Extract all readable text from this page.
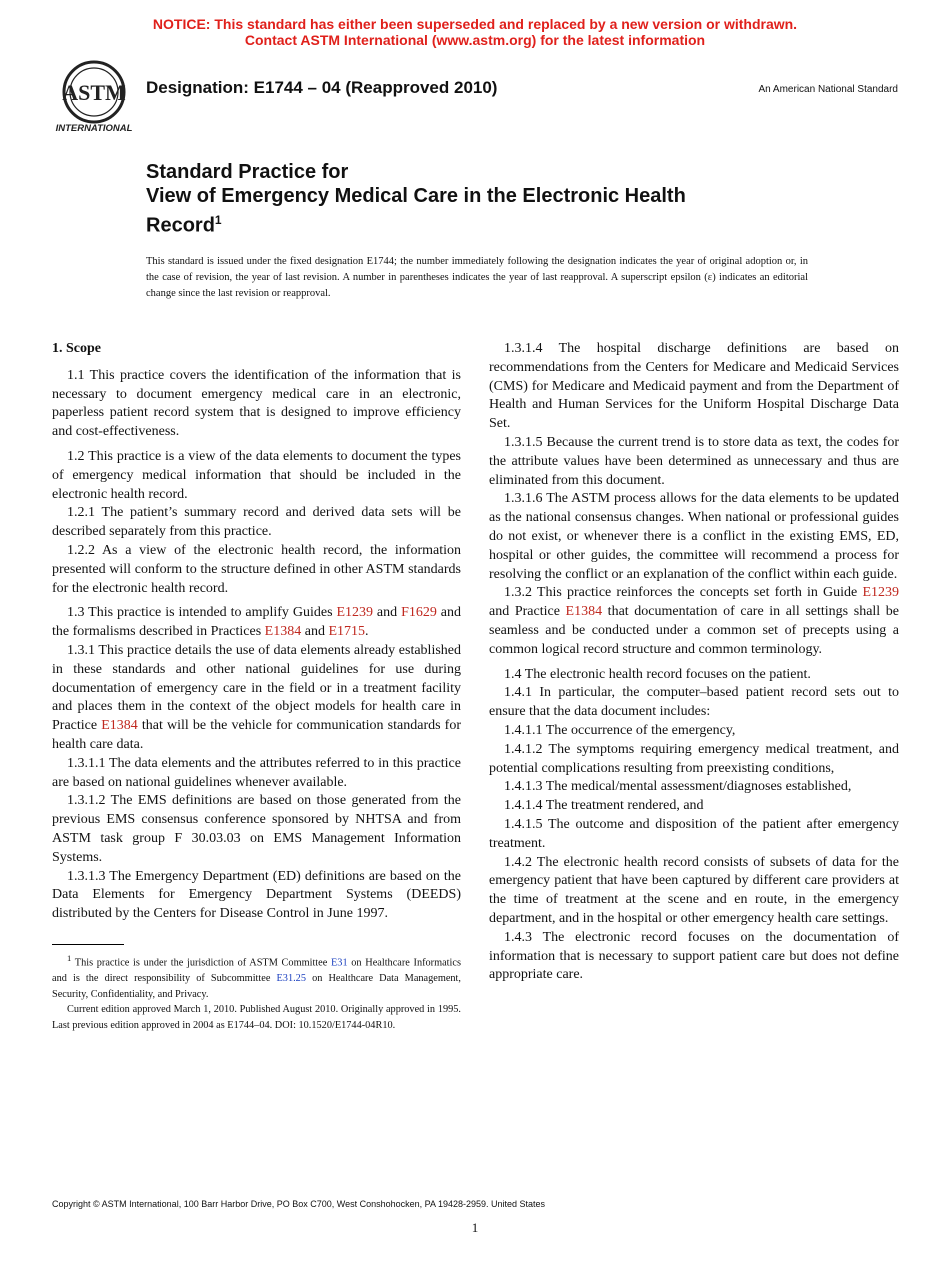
NOTICE: This standard has either been superseded and replaced by a new version or withdrawn.
Contact ASTM International (www.astm.org) for the latest information
ASTM
INTERNATIONAL
Designation: E1744 – 04 (Reapproved 2010)	An American National Standard
Standard Practice for
View of Emergency Medical Care in the Electronic Health
Record$^1$
This standard is issued under the fixed designation E1744; the number immediately following the designation indicates the year of original adoption or, in the case of revision, the year of last revision. A number in parentheses indicates the year of last reapproval. A superscript epsilon (ε) indicates an editorial change since the last revision or reapproval.
1. Scope

1.1 This practice covers the identification of the information that is necessary to document emergency medical care in an electronic, paperless patient record system that is designed to improve efficiency and cost-effectiveness.

1.2 This practice is a view of the data elements to document the types of emergency medical information that should be included in the electronic health record.

1.2.1 The patient’s summary record and derived data sets will be described separately from this practice.

1.2.2 As a view of the electronic health record, the information presented will conform to the structure defined in other ASTM standards for the electronic health record.

1.3 This practice is intended to amplify Guides E1239 and F1629 and the formalisms described in Practices E1384 and E1715.

1.3.1 This practice details the use of data elements already established in these standards and other national guidelines for use during documentation of emergency care in the field or in a treatment facility and places them in the context of the object models for health care in Practice E1384 that will be the vehicle for communication standards for health care data.

1.3.1.1 The data elements and the attributes referred to in this practice are based on national guidelines whenever available.

1.3.1.2 The EMS definitions are based on those generated from the previous EMS consensus conference sponsored by NHTSA and from ASTM task group F 30.03.03 on EMS Management Information Systems.

1.3.1.3 The Emergency Department (ED) definitions are based on the Data Elements for Emergency Department Systems (DEEDS) distributed by the Centers for Disease Control in June 1997.

$^1$ This practice is under the jurisdiction of ASTM Committee E31 on Healthcare Informatics and is the direct responsibility of Subcommittee E31.25 on Healthcare Data Management, Security, Confidentiality, and Privacy.

Current edition approved March 1, 2010. Published August 2010. Originally approved in 1995. Last previous edition approved in 2004 as E1744–04. DOI: 10.1520/E1744-04R10.

1.3.1.4 The hospital discharge definitions are based on recommendations from the Centers for Medicare and Medicaid Services (CMS) for Medicare and Medicaid payment and from the Department of Health and Human Services for the Uniform Hospital Discharge Data Set.

1.3.1.5 Because the current trend is to store data as text, the codes for the attribute values have been determined as unnecessary and thus are eliminated from this document.

1.3.1.6 The ASTM process allows for the data elements to be updated as the national consensus changes. When national or professional guides do not exist, or whenever there is a conflict in the existing EMS, ED, hospital or other guides, the committee will recommend a process for resolving the conflict or an explanation of the conflict within each guide.

1.3.2 This practice reinforces the concepts set forth in Guide E1239 and Practice E1384 that documentation of care in all settings shall be seamless and be conducted under a common set of precepts using a common logical record structure and common terminology.

1.4 The electronic health record focuses on the patient.

1.4.1 In particular, the computer–based patient record sets out to ensure that the data document includes:

1.4.1.1 The occurrence of the emergency,

1.4.1.2 The symptoms requiring emergency medical treatment, and potential complications resulting from preexisting conditions,

1.4.1.3 The medical/mental assessment/diagnoses established,

1.4.1.4 The treatment rendered, and

1.4.1.5 The outcome and disposition of the patient after emergency treatment.

1.4.2 The electronic health record consists of subsets of data for the emergency patient that have been captured by different care providers at the time of treatment at the scene and en route, in the emergency department, and in the hospital or other emergency health care settings.

1.4.3 The electronic record focuses on the documentation of information that is necessary to support patient care but does not define appropriate care.

Copyright © ASTM International, 100 Barr Harbor Drive, PO Box C700, West Conshohocken, PA 19428-2959. United States
1
